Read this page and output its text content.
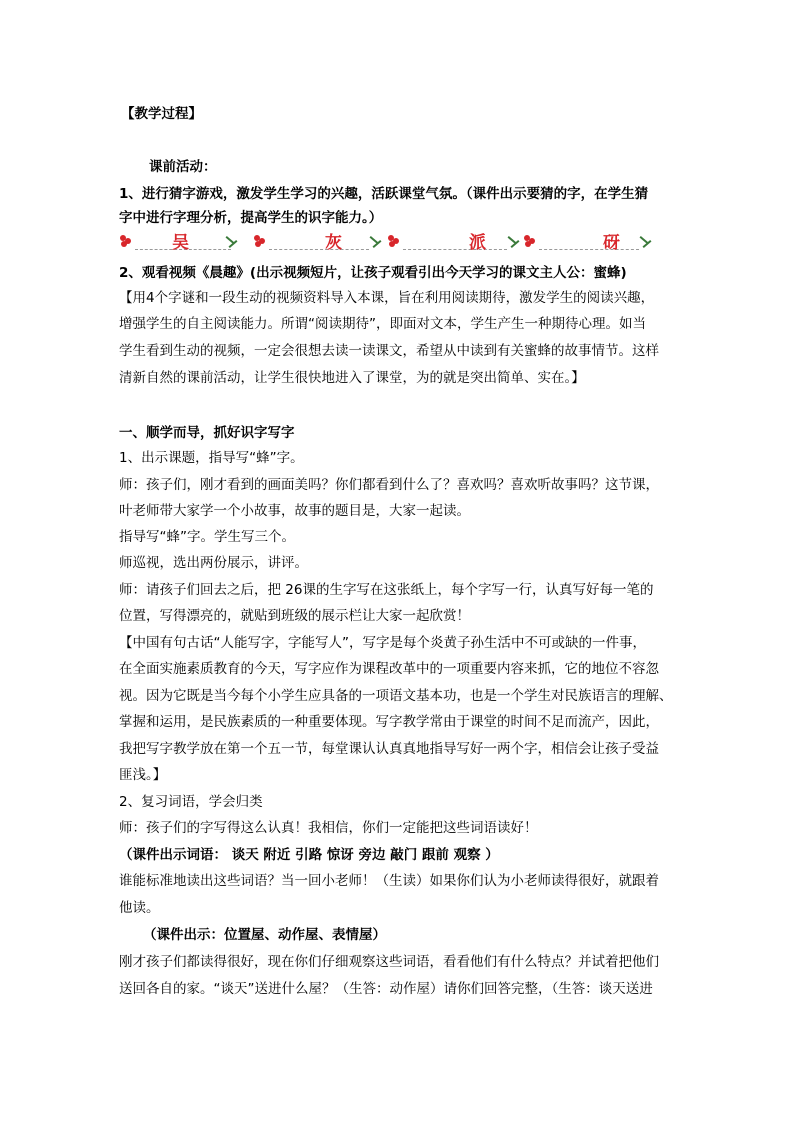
【教学过程】
课前活动：
1、进行猜字游戏，激发学生学习的兴趣，活跃课堂气氛。（课件出示要猜的字，在学生猜
字中进行字理分析，提高学生的识字能力。）
吴	灰	派	砑
2、观看视频《晨趣》(出示视频短片，让孩子观看引出今天学习的课文主人公：蜜蜂)
【用4个字谜和一段生动的视频资料导入本课，旨在利用阅读期待，激发学生的阅读兴趣，
增强学生的自主阅读能力。所谓“阅读期待”，即面对文本，学生产生一种期待心理。如当
学生看到生动的视频，一定会很想去读一读课文，希望从中读到有关蜜蜂的故事情节。这样
清新自然的课前活动，让学生很快地进入了课堂，为的就是突出简单、实在。】
一、顺学而导，抓好识字写字
1、出示课题，指导写“蜂”字。
师：孩子们，刚才看到的画面美吗？你们都看到什么了？喜欢吗？喜欢听故事吗？这节课，
叶老师带大家学一个小故事，故事的题目是，大家一起读。
指导写“蜂”字。学生写三个。
师巡视，选出两份展示，讲评。
师：请孩子们回去之后，把 26课的生字写在这张纸上，每个字写一行，认真写好每一笔的
位置，写得漂亮的，就贴到班级的展示栏让大家一起欣赏！
【中国有句古话“人能写字，字能写人”，写字是每个炎黄子孙生活中不可或缺的一件事，
在全面实施素质教育的今天，写字应作为课程改革中的一项重要内容来抓，它的地位不容忽
视。因为它既是当今每个小学生应具备的一项语文基本功，也是一个学生对民族语言的理解、
掌握和运用，是民族素质的一种重要体现。写字教学常由于课堂的时间不足而流产，因此，
我把写字教学放在第一个五一节，每堂课认认真真地指导写好一两个字，相信会让孩子受益
匪浅。】
2、复习词语，学会归类
师：孩子们的字写得这么认真！我相信，你们一定能把这些词语读好！
（课件出示词语： 谈天 附近 引路 惊讶 旁边 敲门 跟前 观察 ）
谁能标准地读出这些词语？当一回小老师！（生读）如果你们认为小老师读得很好，就跟着
他读。
（课件出示：位置屋、动作屋、表情屋）
刚才孩子们都读得很好，现在你们仔细观察这些词语，看看他们有什么特点？并试着把他们
送回各自的家。“谈天”送进什么屋？（生答：动作屋）请你们回答完整，（生答：谈天送进
